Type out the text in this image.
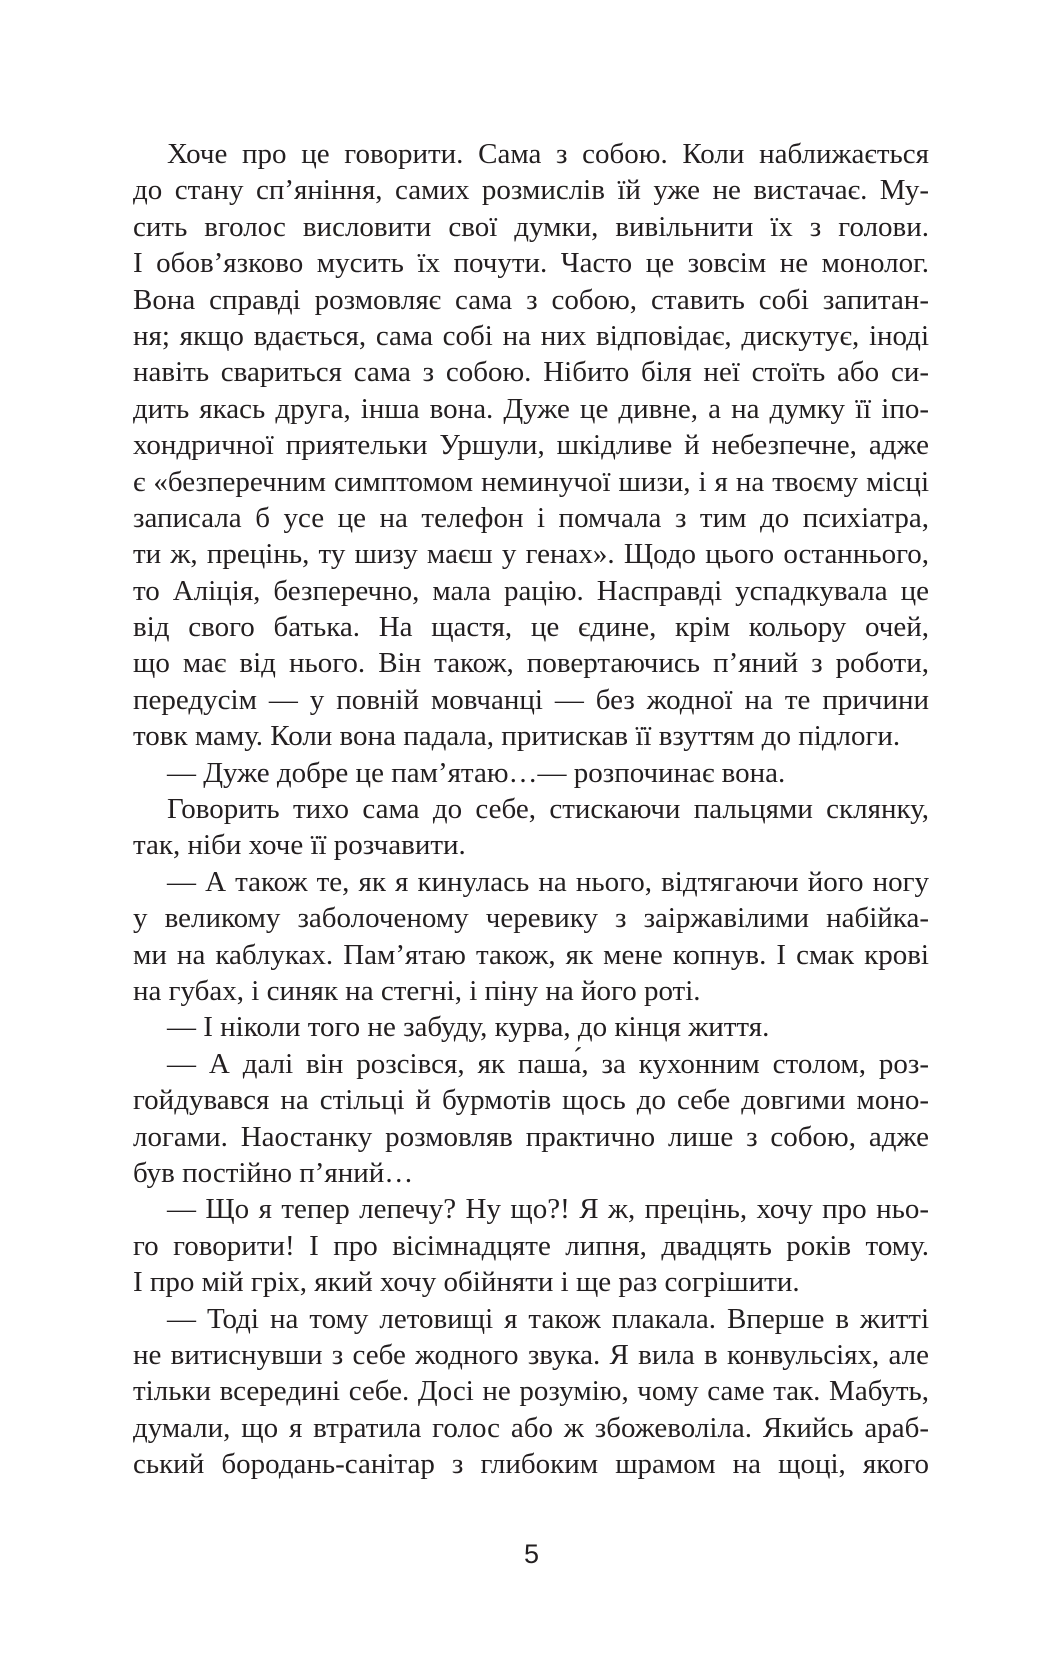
Хоче про це говорити. Сама з собою. Коли наближається
до стану сп’яніння, самих розмислів їй уже не вистачає. Му-
сить вголос висловити свої думки, вивільнити їх з голови.
І обов’язково мусить їх почути. Часто це зовсім не монолог.
Вона справді розмовляє сама з собою, ставить собі запитан-
ня; якщо вдається, сама собі на них відповідає, дискутує, іноді
навіть свариться сама з собою. Нібито біля неї стоїть або си-
дить якась друга, інша вона. Дуже це дивне, а на думку її іпо-
хондричної приятельки Уршули, шкідливе й небезпечне, адже
є «безперечним симптомом неминучої шизи, і я на твоєму місці
записала б усе це на телефон і помчала з тим до психіатра,
ти ж, прецінь, ту шизу маєш у генах». Щодо цього останнього,
то Аліція, безперечно, мала рацію. Насправді успадкувала це
від свого батька. На щастя, це єдине, крім кольору очей,
що має від нього. Він також, повертаючись п’яний з роботи,
передусім — у повній мовчанці — без жодної на те причини
товк маму. Коли вона падала, притискав її взуттям до підлоги.
— Дуже добре це пам’ятаю…— розпочинає вона.
Говорить тихо сама до себе, стискаючи пальцями склянку,
так, ніби хоче її розчавити.
— А також те, як я кинулась на нього, відтягаючи його ногу
у великому заболоченому черевику з заіржавілими набійка-
ми на каблуках. Пам’ятаю також, як мене копнув. І смак крові
на губах, і синяк на стегні, і піну на його роті.
— І ніколи того не забуду, курва, до кінця життя.
— А далі він розсівся, як паша́, за кухонним столом, роз-
гойдувався на стільці й бурмотів щось до себе довгими моно-
логами. Наостанку розмовляв практично лише з собою, адже
був постійно п’яний…
— Що я тепер лепечу? Ну що?! Я ж, прецінь, хочу про ньо-
го говорити! І про вісімнадцяте липня, двадцять років тому.
І про мій гріх, який хочу обійняти і ще раз согрішити.
— Тоді на тому летовищі я також плакала. Вперше в житті
не витиснувши з себе жодного звука. Я вила в конвульсіях, але
тільки всередині себе. Досі не розумію, чому саме так. Мабуть,
думали, що я втратила голос або ж збожеволіла. Якийсь араб-
ський бородань-санітар з глибоким шрамом на щоці, якого
5
